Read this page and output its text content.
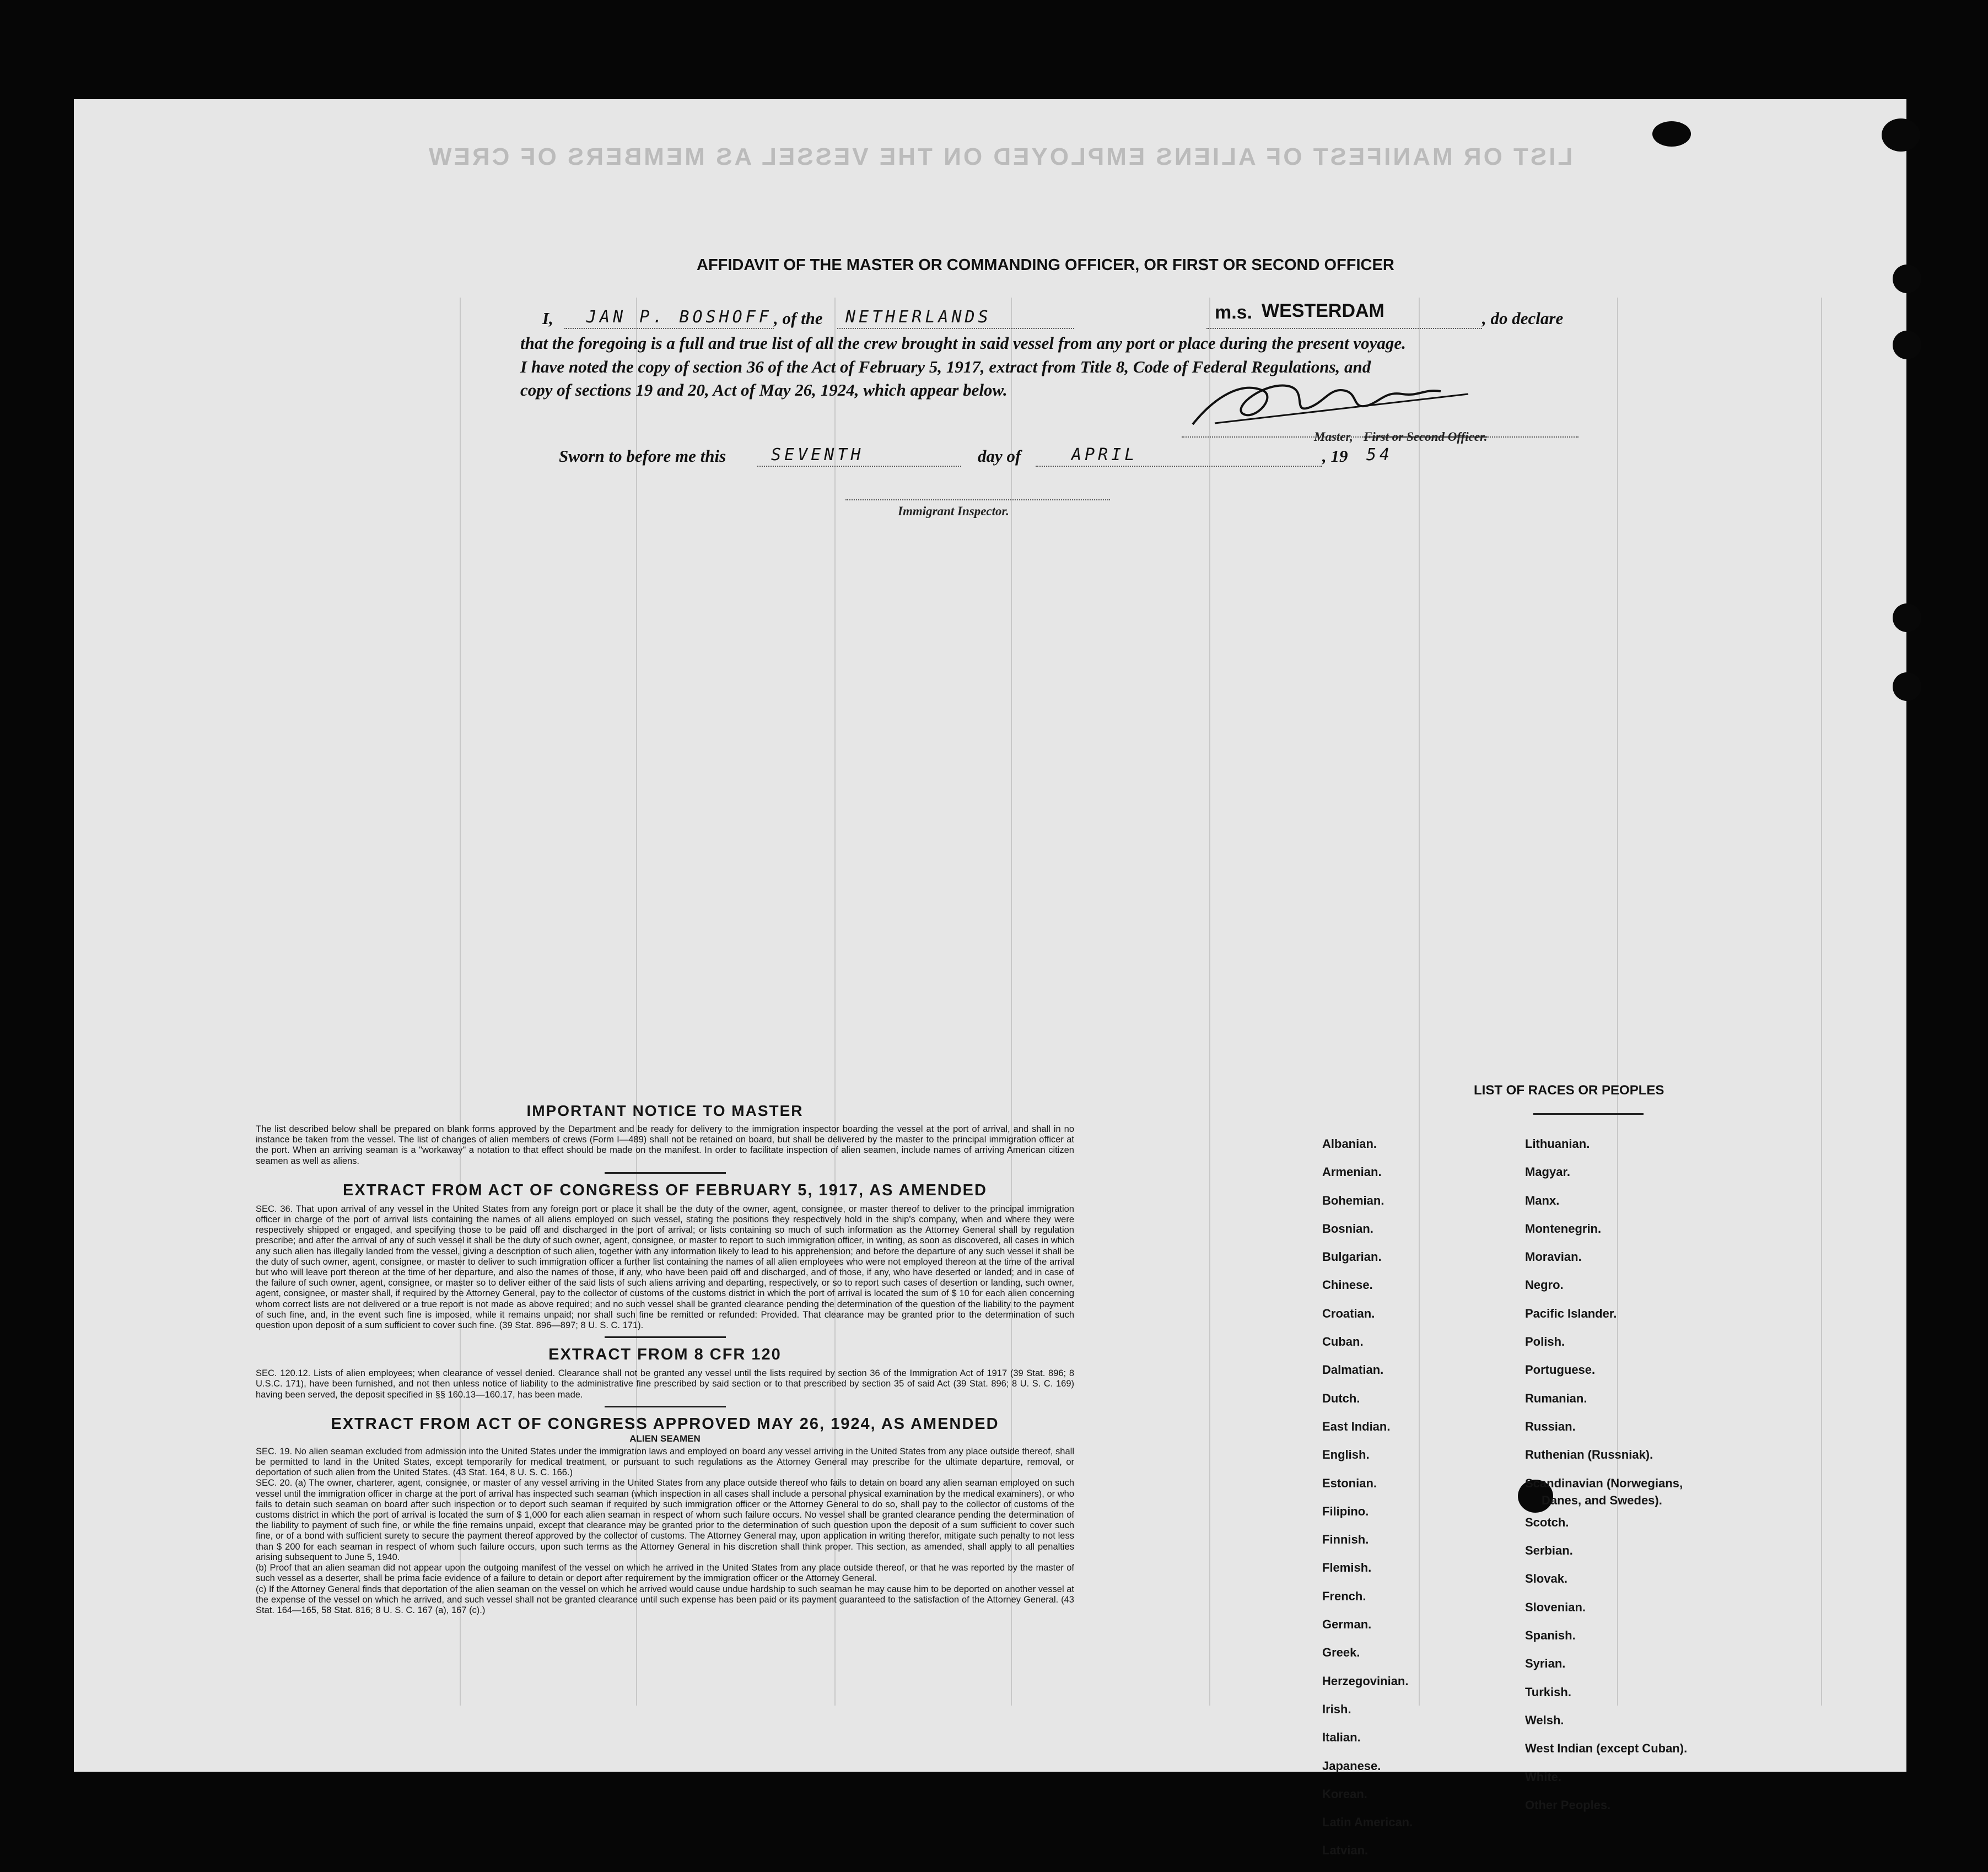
LIST OR MANIFEST OF ALIENS EMPLOYED ON THE VESSEL AS MEMBERS OF CREW
AFFIDAVIT OF THE MASTER OR COMMANDING OFFICER, OR FIRST OR SECOND OFFICER
I, JAN P. BOSHOFF , of the NETHERLANDS	m.s. WESTERDAM	, do declare
that the foregoing is a full and true list of all the crew brought in said vessel from any port or place during the present voyage.
I have noted the copy of section 36 of the Act of February 5, 1917, extract from Title 8, Code of Federal Regulations, and
copy of sections 19 and 20, Act of May 26, 1924, which appear below.
Master, First or Second Officer.
Sworn to before me this	SEVENTH	day of	APRIL	, 19 54
Immigrant Inspector.
IMPORTANT NOTICE TO MASTER

The list described below shall be prepared on blank forms approved by the Department and be ready for delivery to the immigration inspector boarding the vessel at the port of arrival, and shall in no instance be taken from the vessel. The list of changes of alien members of crews (Form I—489) shall not be retained on board, but shall be delivered by the master to the principal immigration officer at the port. When an arriving seaman is a "workaway" a notation to that effect should be made on the manifest. In order to facilitate inspection of alien seamen, include names of arriving American citizen seamen as well as aliens.

EXTRACT FROM ACT OF CONGRESS OF FEBRUARY 5, 1917, AS AMENDED

SEC. 36. That upon arrival of any vessel in the United States from any foreign port or place it shall be the duty of the owner, agent, consignee, or master thereof to deliver to the principal immigration officer in charge of the port of arrival lists containing the names of all aliens employed on such vessel, stating the positions they respectively hold in the ship's company, when and where they were respectively shipped or engaged, and specifying those to be paid off and discharged in the port of arrival; or lists containing so much of such information as the Attorney General shall by regulation prescribe; and after the arrival of any of such vessel it shall be the duty of such owner, agent, consignee, or master to report to such immigration officer, in writing, as soon as discovered, all cases in which any such alien has illegally landed from the vessel, giving a description of such alien, together with any information likely to lead to his apprehension; and before the departure of any such vessel it shall be the duty of such owner, agent, consignee, or master to deliver to such immigration officer a further list containing the names of all alien employees who were not employed thereon at the time of the arrival but who will leave port thereon at the time of her departure, and also the names of those, if any, who have been paid off and discharged, and of those, if any, who have deserted or landed; and in case of the failure of such owner, agent, consignee, or master so to deliver either of the said lists of such aliens arriving and departing, respectively, or so to report such cases of desertion or landing, such owner, agent, consignee, or master shall, if required by the Attorney General, pay to the collector of customs of the customs district in which the port of arrival is located the sum of $ 10 for each alien concerning whom correct lists are not delivered or a true report is not made as above required; and no such vessel shall be granted clearance pending the determination of the question of the liability to the payment of such fine, and, in the event such fine is imposed, while it remains unpaid; nor shall such fine be remitted or refunded: Provided. That clearance may be granted prior to the determination of such question upon deposit of a sum sufficient to cover such fine. (39 Stat. 896—897; 8 U. S. C. 171).

EXTRACT FROM 8 CFR 120

SEC. 120.12. Lists of alien employees; when clearance of vessel denied. Clearance shall not be granted any vessel until the lists required by section 36 of the Immigration Act of 1917 (39 Stat. 896; 8 U.S.C. 171), have been furnished, and not then unless notice of liability to the administrative fine prescribed by said section or to that prescribed by section 35 of said Act (39 Stat. 896; 8 U. S. C. 169) having been served, the deposit specified in §§ 160.13—160.17, has been made.

EXTRACT FROM ACT OF CONGRESS APPROVED MAY 26, 1924, AS AMENDED
ALIEN SEAMEN

SEC. 19. No alien seaman excluded from admission into the United States under the immigration laws and employed on board any vessel arriving in the United States from any place outside thereof, shall be permitted to land in the United States, except temporarily for medical treatment, or pursuant to such regulations as the Attorney General may prescribe for the ultimate departure, removal, or deportation of such alien from the United States. (43 Stat. 164, 8 U. S. C. 166.)

SEC. 20. (a) The owner, charterer, agent, consignee, or master of any vessel arriving in the United States from any place outside thereof who fails to detain on board any alien seaman employed on such vessel until the immigration officer in charge at the port of arrival has inspected such seaman (which inspection in all cases shall include a personal physical examination by the medical examiners), or who fails to detain such seaman on board after such inspection or to deport such seaman if required by such immigration officer or the Attorney General to do so, shall pay to the collector of customs of the customs district in which the port of arrival is located the sum of $ 1,000 for each alien seaman in respect of whom such failure occurs. No vessel shall be granted clearance pending the determination of the liability to payment of such fine, or while the fine remains unpaid, except that clearance may be granted prior to the determination of such question upon the deposit of a sum sufficient to cover such fine, or of a bond with sufficient surety to secure the payment thereof approved by the collector of customs. The Attorney General may, upon application in writing therefor, mitigate such penalty to not less than $ 200 for each seaman in respect of whom such failure occurs, upon such terms as the Attorney General in his discretion shall think proper. This section, as amended, shall apply to all penalties arising subsequent to June 5, 1940.

(b) Proof that an alien seaman did not appear upon the outgoing manifest of the vessel on which he arrived in the United States from any place outside thereof, or that he was reported by the master of such vessel as a deserter, shall be prima facie evidence of a failure to detain or deport after requirement by the immigration officer or the Attorney General.

(c) If the Attorney General finds that deportation of the alien seaman on the vessel on which he arrived would cause undue hardship to such seaman he may cause him to be deported on another vessel at the expense of the vessel on which he arrived, and such vessel shall not be granted clearance until such expense has been paid or its payment guaranteed to the satisfaction of the Attorney General. (43 Stat. 164—165, 58 Stat. 816; 8 U. S. C. 167 (a), 167 (c).)

LIST OF RACES OR PEOPLES
Albanian.
Armenian.
Bohemian.
Bosnian.
Bulgarian.
Chinese.
Croatian.
Cuban.
Dalmatian.
Dutch.
East Indian.
English.
Estonian.
Filipino.
Finnish.
Flemish.
French.
German.
Greek.
Herzegovinian.
Irish.
Italian.
Japanese.
Korean.
Latin American.
Latvian.
Lithuanian.
Magyar.
Manx.
Montenegrin.
Moravian.
Negro.
Pacific Islander.
Polish.
Portuguese.
Rumanian.
Russian.
Ruthenian (Russniak).
Scandinavian (Norwegians,
Danes, and Swedes).
Scotch.
Serbian.
Slovak.
Slovenian.
Spanish.
Syrian.
Turkish.
Welsh.
West Indian (except Cuban).
White.
Other Peoples.
